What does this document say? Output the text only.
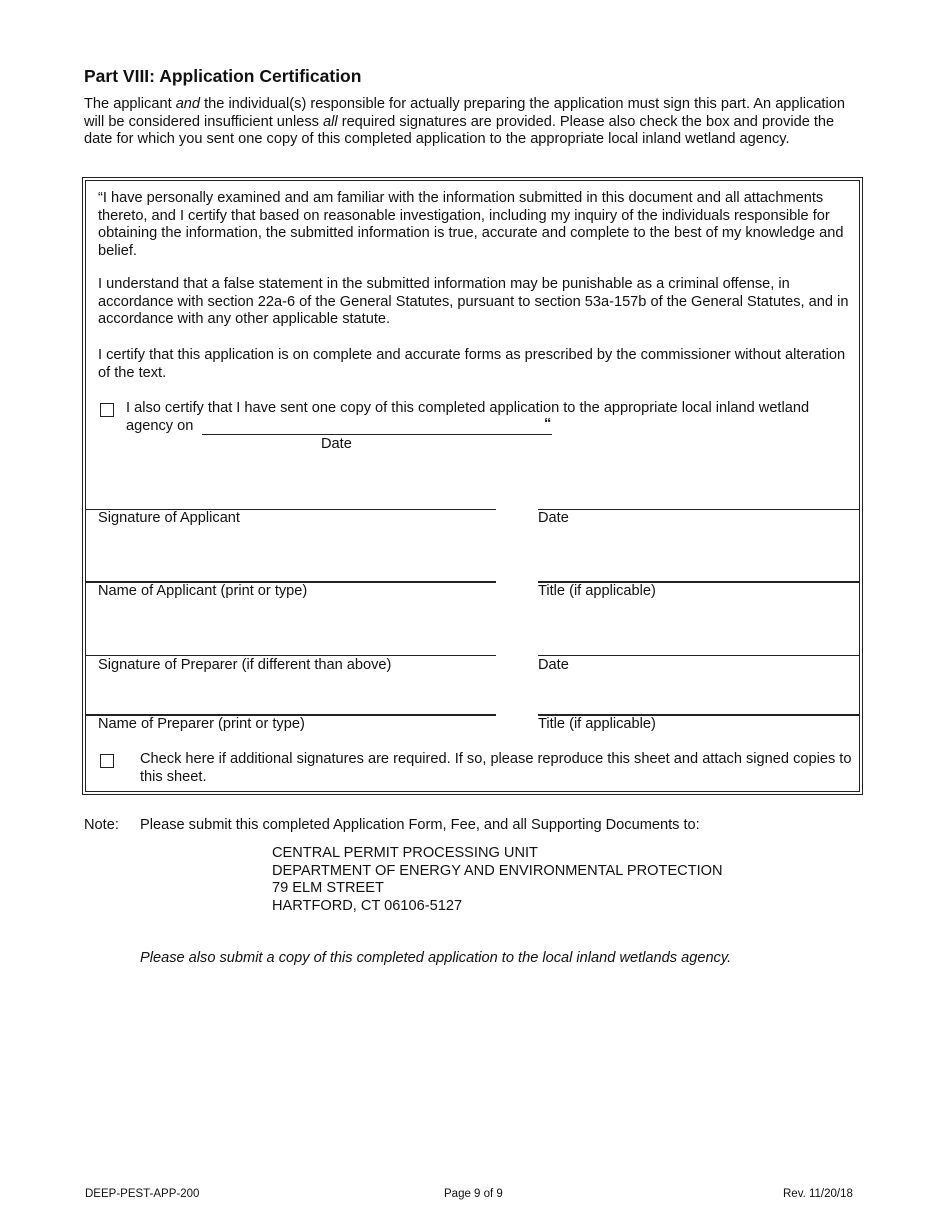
Part VIII: Application Certification
The applicant and the individual(s) responsible for actually preparing the application must sign this part. An application will be considered insufficient unless all required signatures are provided. Please also check the box and provide the date for which you sent one copy of this completed application to the appropriate local inland wetland agency.
“I have personally examined and am familiar with the information submitted in this document and all attachments thereto, and I certify that based on reasonable investigation, including my inquiry of the individuals responsible for obtaining the information, the submitted information is true, accurate and complete to the best of my knowledge and belief.
I understand that a false statement in the submitted information may be punishable as a criminal offense, in accordance with section 22a-6 of the General Statutes, pursuant to section 53a-157b of the General Statutes, and in accordance with any other applicable statute.
I certify that this application is on complete and accurate forms as prescribed by the commissioner without alteration of the text.
I also certify that I have sent one copy of this completed application to the appropriate local inland wetland
agency on	“
Date
Signature of Applicant	Date
Name of Applicant (print or type)	Title (if applicable)
Signature of Preparer (if different than above)	Date
Name of Preparer (print or type)	Title (if applicable)
Check here if additional signatures are required. If so, please reproduce this sheet and attach signed copies to this sheet.
Note: Please submit this completed Application Form, Fee, and all Supporting Documents to:
CENTRAL PERMIT PROCESSING UNIT
DEPARTMENT OF ENERGY AND ENVIRONMENTAL PROTECTION
79 ELM STREET
HARTFORD, CT 06106-5127
Please also submit a copy of this completed application to the local inland wetlands agency.
DEEP-PEST-APP-200	Page 9 of 9	Rev. 11/20/18
